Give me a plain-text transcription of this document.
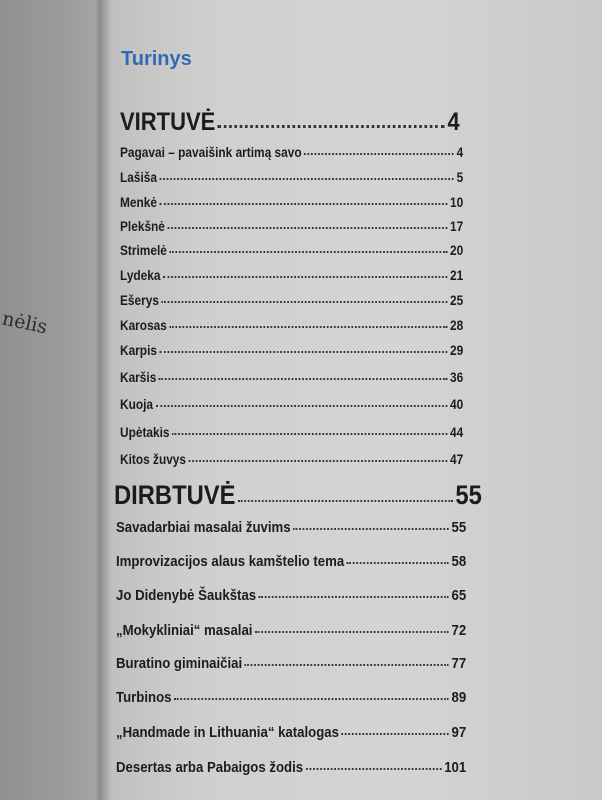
nėlis
Turinys
VIRTUVĖ	4
Pagavai – pavaišink artimą savo	4
Lašiša	5
Menkė	10
Plekšnė	17
Strimelė	20
Lydeka	21
Ešerys	25
Karosas	28
Karpis	29
Karšis	36
Kuoja	40
Upėtakis	44
Kitos žuvys	47
DIRBTUVĖ	55
Savadarbiai masalai žuvims	55
Improvizacijos alaus kamštelio tema	58
Jo Didenybė Šaukštas	65
„Mokykliniai“ masalai	72
Buratino giminaičiai	77
Turbinos	89
„Handmade in Lithuania“ katalogas	97
Desertas arba Pabaigos žodis	101
